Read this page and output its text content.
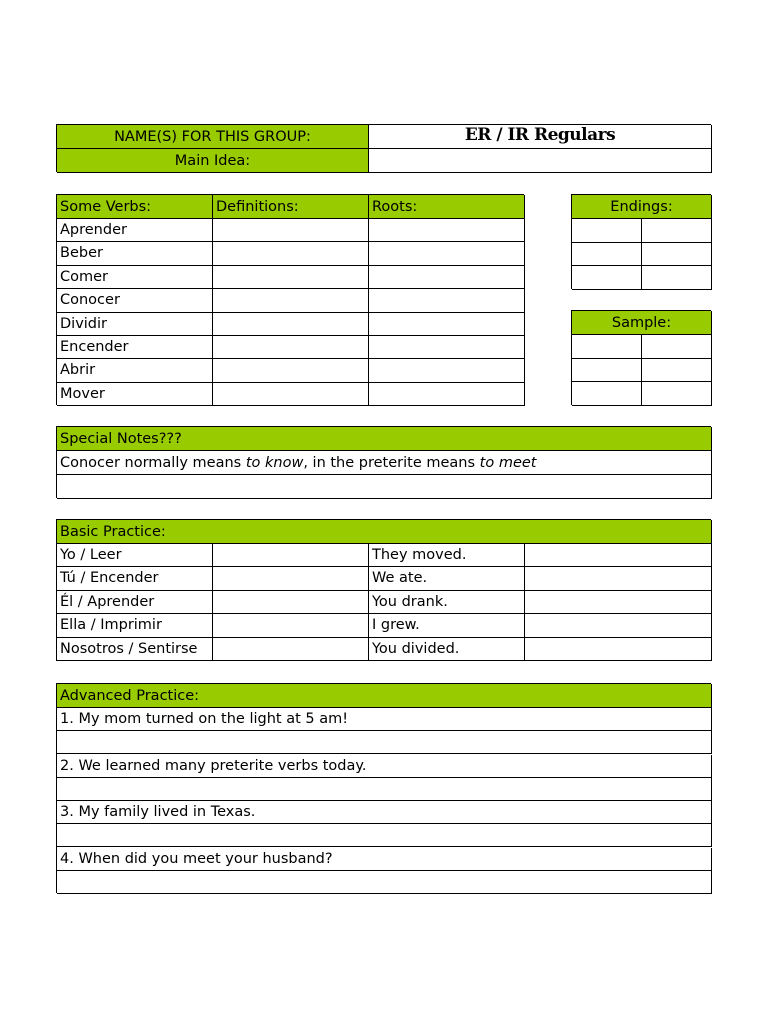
NAME(S) FOR THIS GROUP:	ER / IR Regulars
Main Idea:
Some Verbs:	Definitions:	Roots:
Aprender
Beber
Comer
Conocer
Dividir
Encender
Abrir
Mover
Endings:
Sample:
Special Notes???
Conocer normally means to know, in the preterite means to meet
Basic Practice:
Yo / Leer	They moved.
Tú / Encender	We ate.
Él / Aprender	You drank.
Ella / Imprimir	I grew.
Nosotros / Sentirse	You divided.
Advanced Practice:
1. My mom turned on the light at 5 am!
2. We learned many preterite verbs today.
3. My family lived in Texas.
4. When did you meet your husband?
